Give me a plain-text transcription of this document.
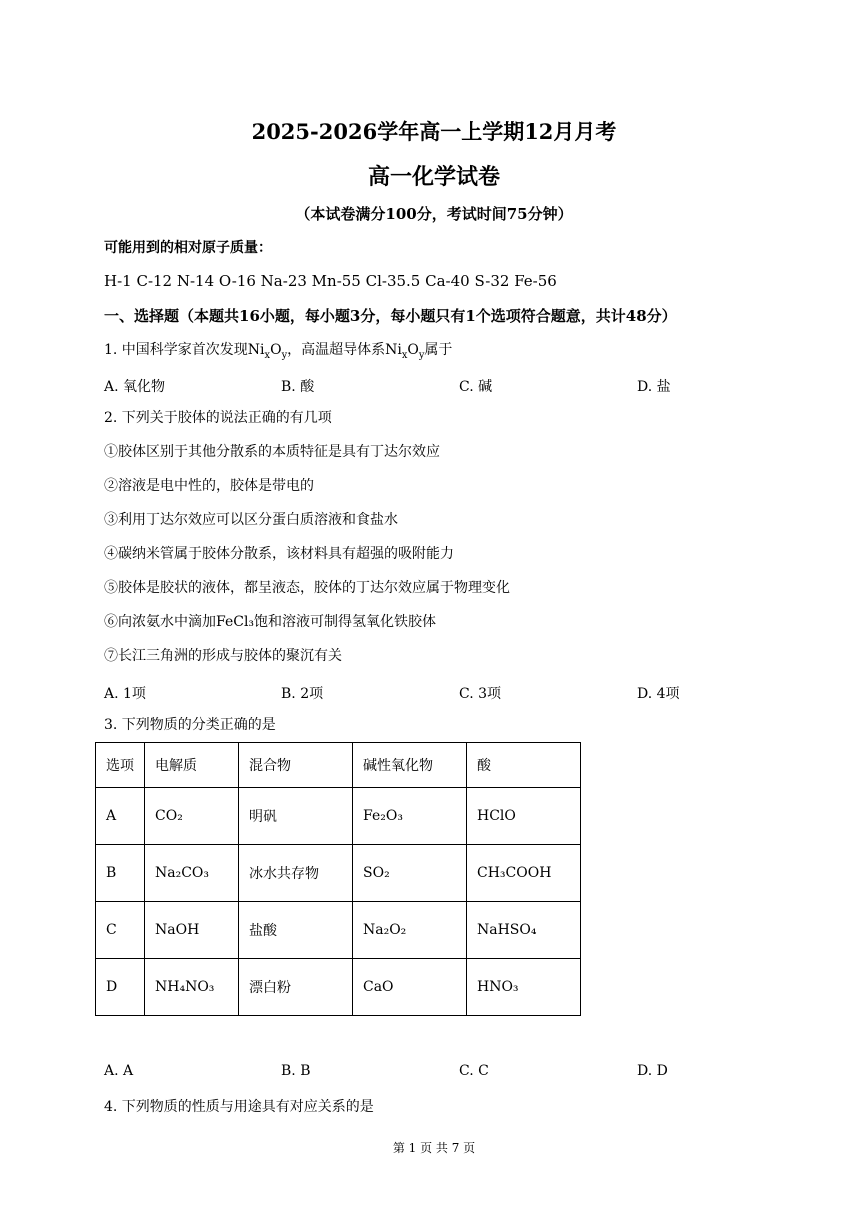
2025-2026学年高一上学期12月月考
高一化学试卷
（本试卷满分100分，考试时间75分钟）
可能用到的相对原子质量：
H-1 C-12 N-14 O-16 Na-23 Mn-55 Cl-35.5 Ca-40 S-32 Fe-56
一、选择题（本题共16小题，每小题3分，每小题只有1个选项符合题意，共计48分）
1. 中国科学家首次发现$Ni_xO_y$，高温超导体系$Ni_xO_y$属于
A. 氧化物	B. 酸	C. 碱	D. 盐
2. 下列关于胶体的说法正确的有几项
①胶体区别于其他分散系的本质特征是具有丁达尔效应
②溶液是电中性的，胶体是带电的
③利用丁达尔效应可以区分蛋白质溶液和食盐水
④碳纳米管属于胶体分散系，该材料具有超强的吸附能力
⑤胶体是胶状的液体，都呈液态，胶体的丁达尔效应属于物理变化
⑥向浓氨水中滴加FeCl₃饱和溶液可制得氢氧化铁胶体
⑦长江三角洲的形成与胶体的聚沉有关
A. 1项	B. 2项	C. 3项	D. 4项
3. 下列物质的分类正确的是
选项	电解质	混合物	碱性氧化物	酸
A	CO₂	明矾	Fe₂O₃	HClO
B	Na₂CO₃	冰水共存物	SO₂	CH₃COOH
C	NaOH	盐酸	Na₂O₂	NaHSO₄
D	NH₄NO₃	漂白粉	CaO	HNO₃
A. A	B. B	C. C	D. D
4. 下列物质的性质与用途具有对应关系的是
第 1 页 共 7 页
